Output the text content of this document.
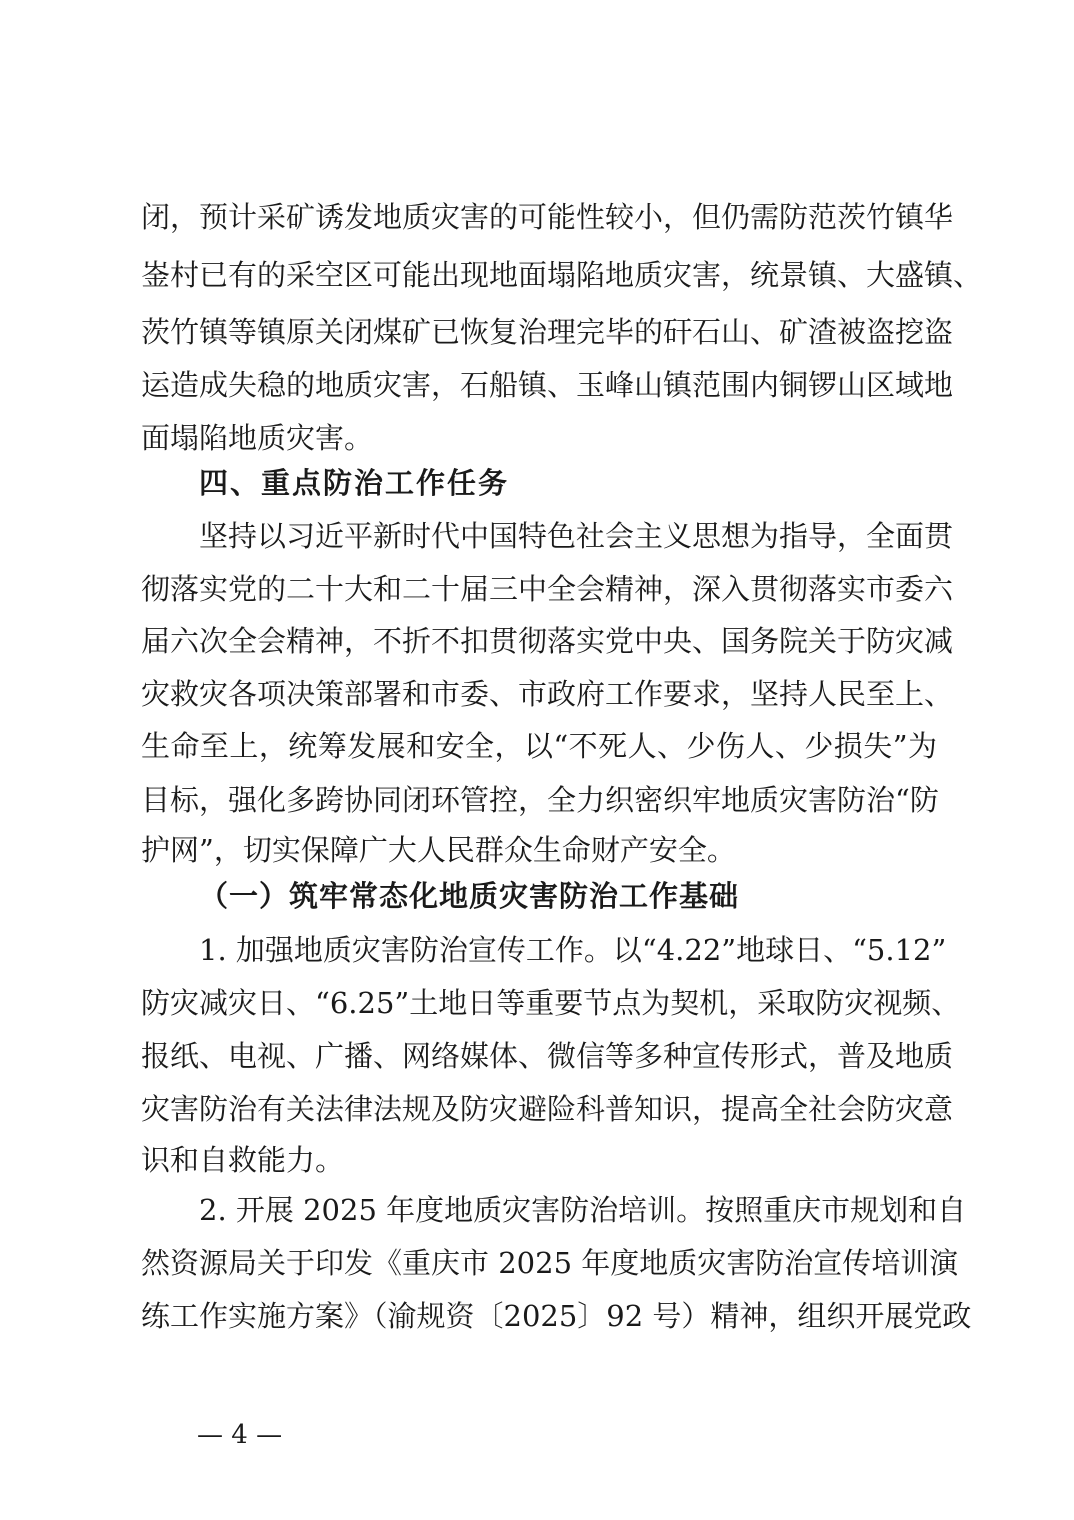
闭，预计采矿诱发地质灾害的可能性较小，但仍需防范茨竹镇华
崟村已有的采空区可能出现地面塌陷地质灾害，统景镇、大盛镇、
茨竹镇等镇原关闭煤矿已恢复治理完毕的矸石山、矿渣被盗挖盗
运造成失稳的地质灾害，石船镇、玉峰山镇范围内铜锣山区域地
面塌陷地质灾害。
四、重点防治工作任务
坚持以习近平新时代中国特色社会主义思想为指导，全面贯
彻落实党的二十大和二十届三中全会精神，深入贯彻落实市委六
届六次全会精神，不折不扣贯彻落实党中央、国务院关于防灾减
灾救灾各项决策部署和市委、市政府工作要求，坚持人民至上、
生命至上，统筹发展和安全，以“不死人、少伤人、少损失”为
目标，强化多跨协同闭环管控，全力织密织牢地质灾害防治“防
护网”，切实保障广大人民群众生命财产安全。
（一）筑牢常态化地质灾害防治工作基础
1. 加强地质灾害防治宣传工作。以“4.22”地球日、“5.12”
防灾减灾日、“6.25”土地日等重要节点为契机，采取防灾视频、
报纸、电视、广播、网络媒体、微信等多种宣传形式，普及地质
灾害防治有关法律法规及防灾避险科普知识，提高全社会防灾意
识和自救能力。
2. 开展 2025 年度地质灾害防治培训。按照重庆市规划和自
然资源局关于印发《重庆市 2025 年度地质灾害防治宣传培训演
练工作实施方案》（渝规资〔2025〕92 号）精神，组织开展党政
— 4 —
